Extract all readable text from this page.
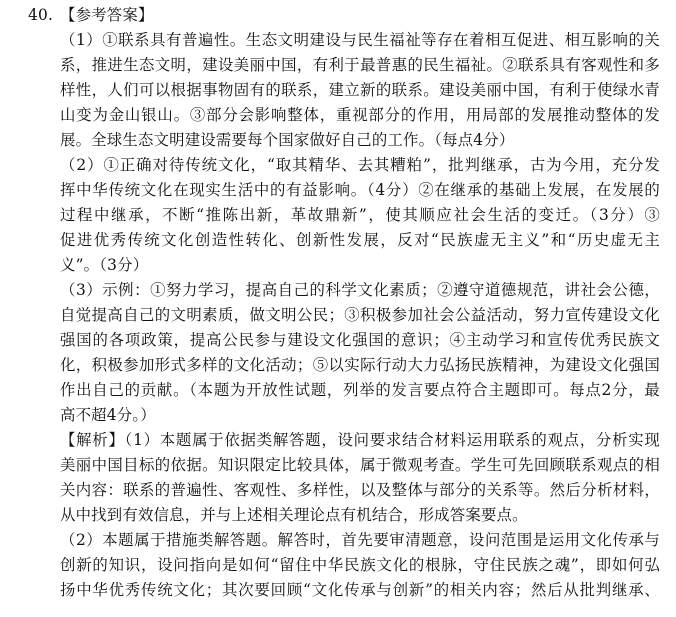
40. 【参考答案】
（1）①联系具有普遍性。生态文明建设与民生福祉等存在着相互促进、相互影响的关
系，推进生态文明，建设美丽中国，有利于最普惠的民生福祉。②联系具有客观性和多
样性，人们可以根据事物固有的联系，建立新的联系。建设美丽中国，有利于使绿水青
山变为金山银山。③部分会影响整体，重视部分的作用，用局部的发展推动整体的发
展。全球生态文明建设需要每个国家做好自己的工作。（每点4分）
（2）①正确对待传统文化，“取其精华、去其糟粕”，批判继承，古为今用，充分发
挥中华传统文化在现实生活中的有益影响。（4分）②在继承的基础上发展，在发展的
过程中继承，不断“推陈出新，革故鼎新”，使其顺应社会生活的变迁。（3分）③
促进优秀传统文化创造性转化、创新性发展，反对“民族虚无主义”和“历史虚无主
义”。（3分）
（3）示例：①努力学习，提高自己的科学文化素质；②遵守道德规范，讲社会公德，
自觉提高自己的文明素质，做文明公民；③积极参加社会公益活动，努力宣传建设文化
强国的各项政策，提高公民参与建设文化强国的意识；④主动学习和宣传优秀民族文
化，积极参加形式多样的文化活动；⑤以实际行动大力弘扬民族精神，为建设文化强国
作出自己的贡献。（本题为开放性试题，列举的发言要点符合主题即可。每点2分，最
高不超4分。）
【解析】（1）本题属于依据类解答题，设问要求结合材料运用联系的观点，分析实现
美丽中国目标的依据。知识限定比较具体，属于微观考查。学生可先回顾联系观点的相
关内容：联系的普遍性、客观性、多样性，以及整体与部分的关系等。然后分析材料，
从中找到有效信息，并与上述相关理论点有机结合，形成答案要点。
（2）本题属于措施类解答题。解答时，首先要审清题意，设问范围是运用文化传承与
创新的知识，设问指向是如何“留住中华民族文化的根脉，守住民族之魂”，即如何弘
扬中华优秀传统文化；其次要回顾“文化传承与创新”的相关内容；然后从批判继承、
